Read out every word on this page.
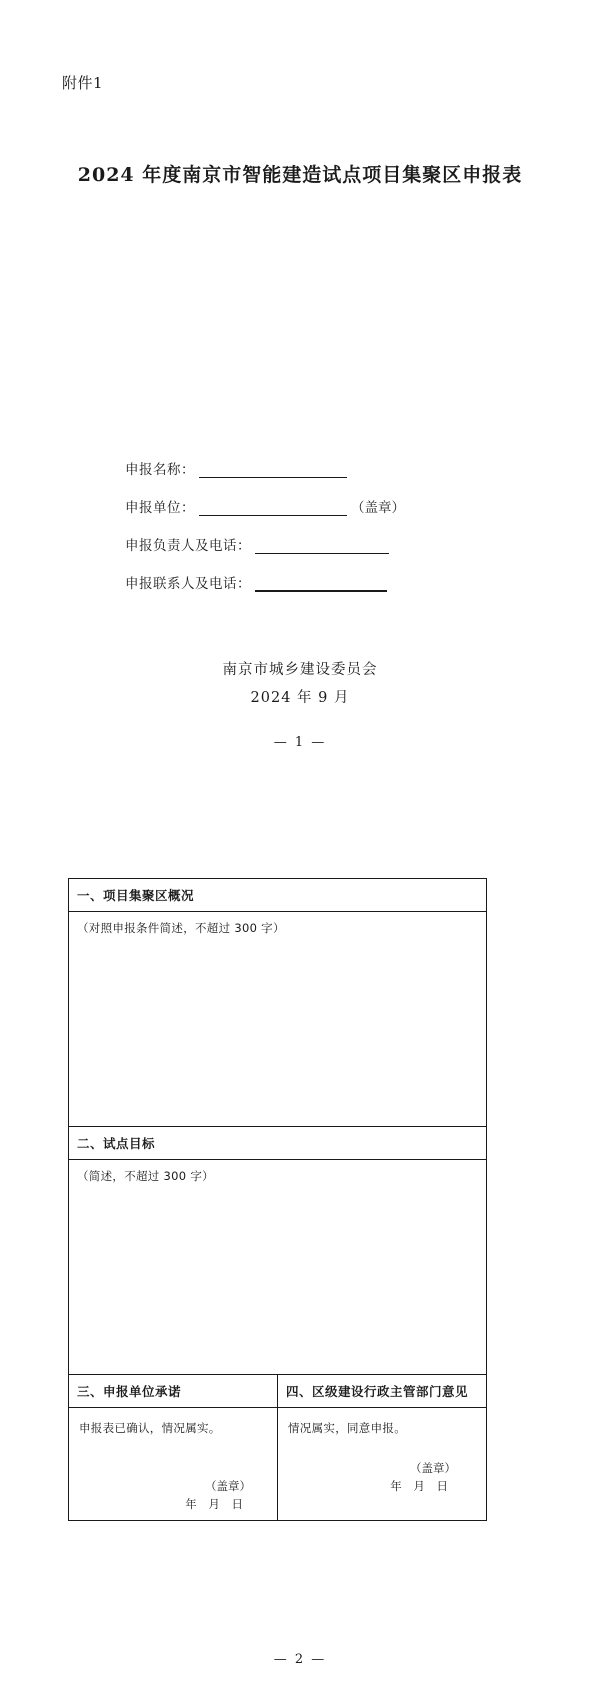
附件1
2024 年度南京市智能建造试点项目集聚区申报表
申报名称：
申报单位：	（盖章）
申报负责人及电话：
申报联系人及电话：
南京市城乡建设委员会
2024 年 9 月
— 1 —
一、项目集聚区概况	
（对照申报条件简述，不超过 300 字）	
二、试点目标	
（简述，不超过 300 字）	
三、申报单位承诺	四、区级建设行政主管部门意见

申报表已确认，情况属实。
（盖章）
年 月 日

情况属实，同意申报。
（盖章）
年 月 日
— 2 —
